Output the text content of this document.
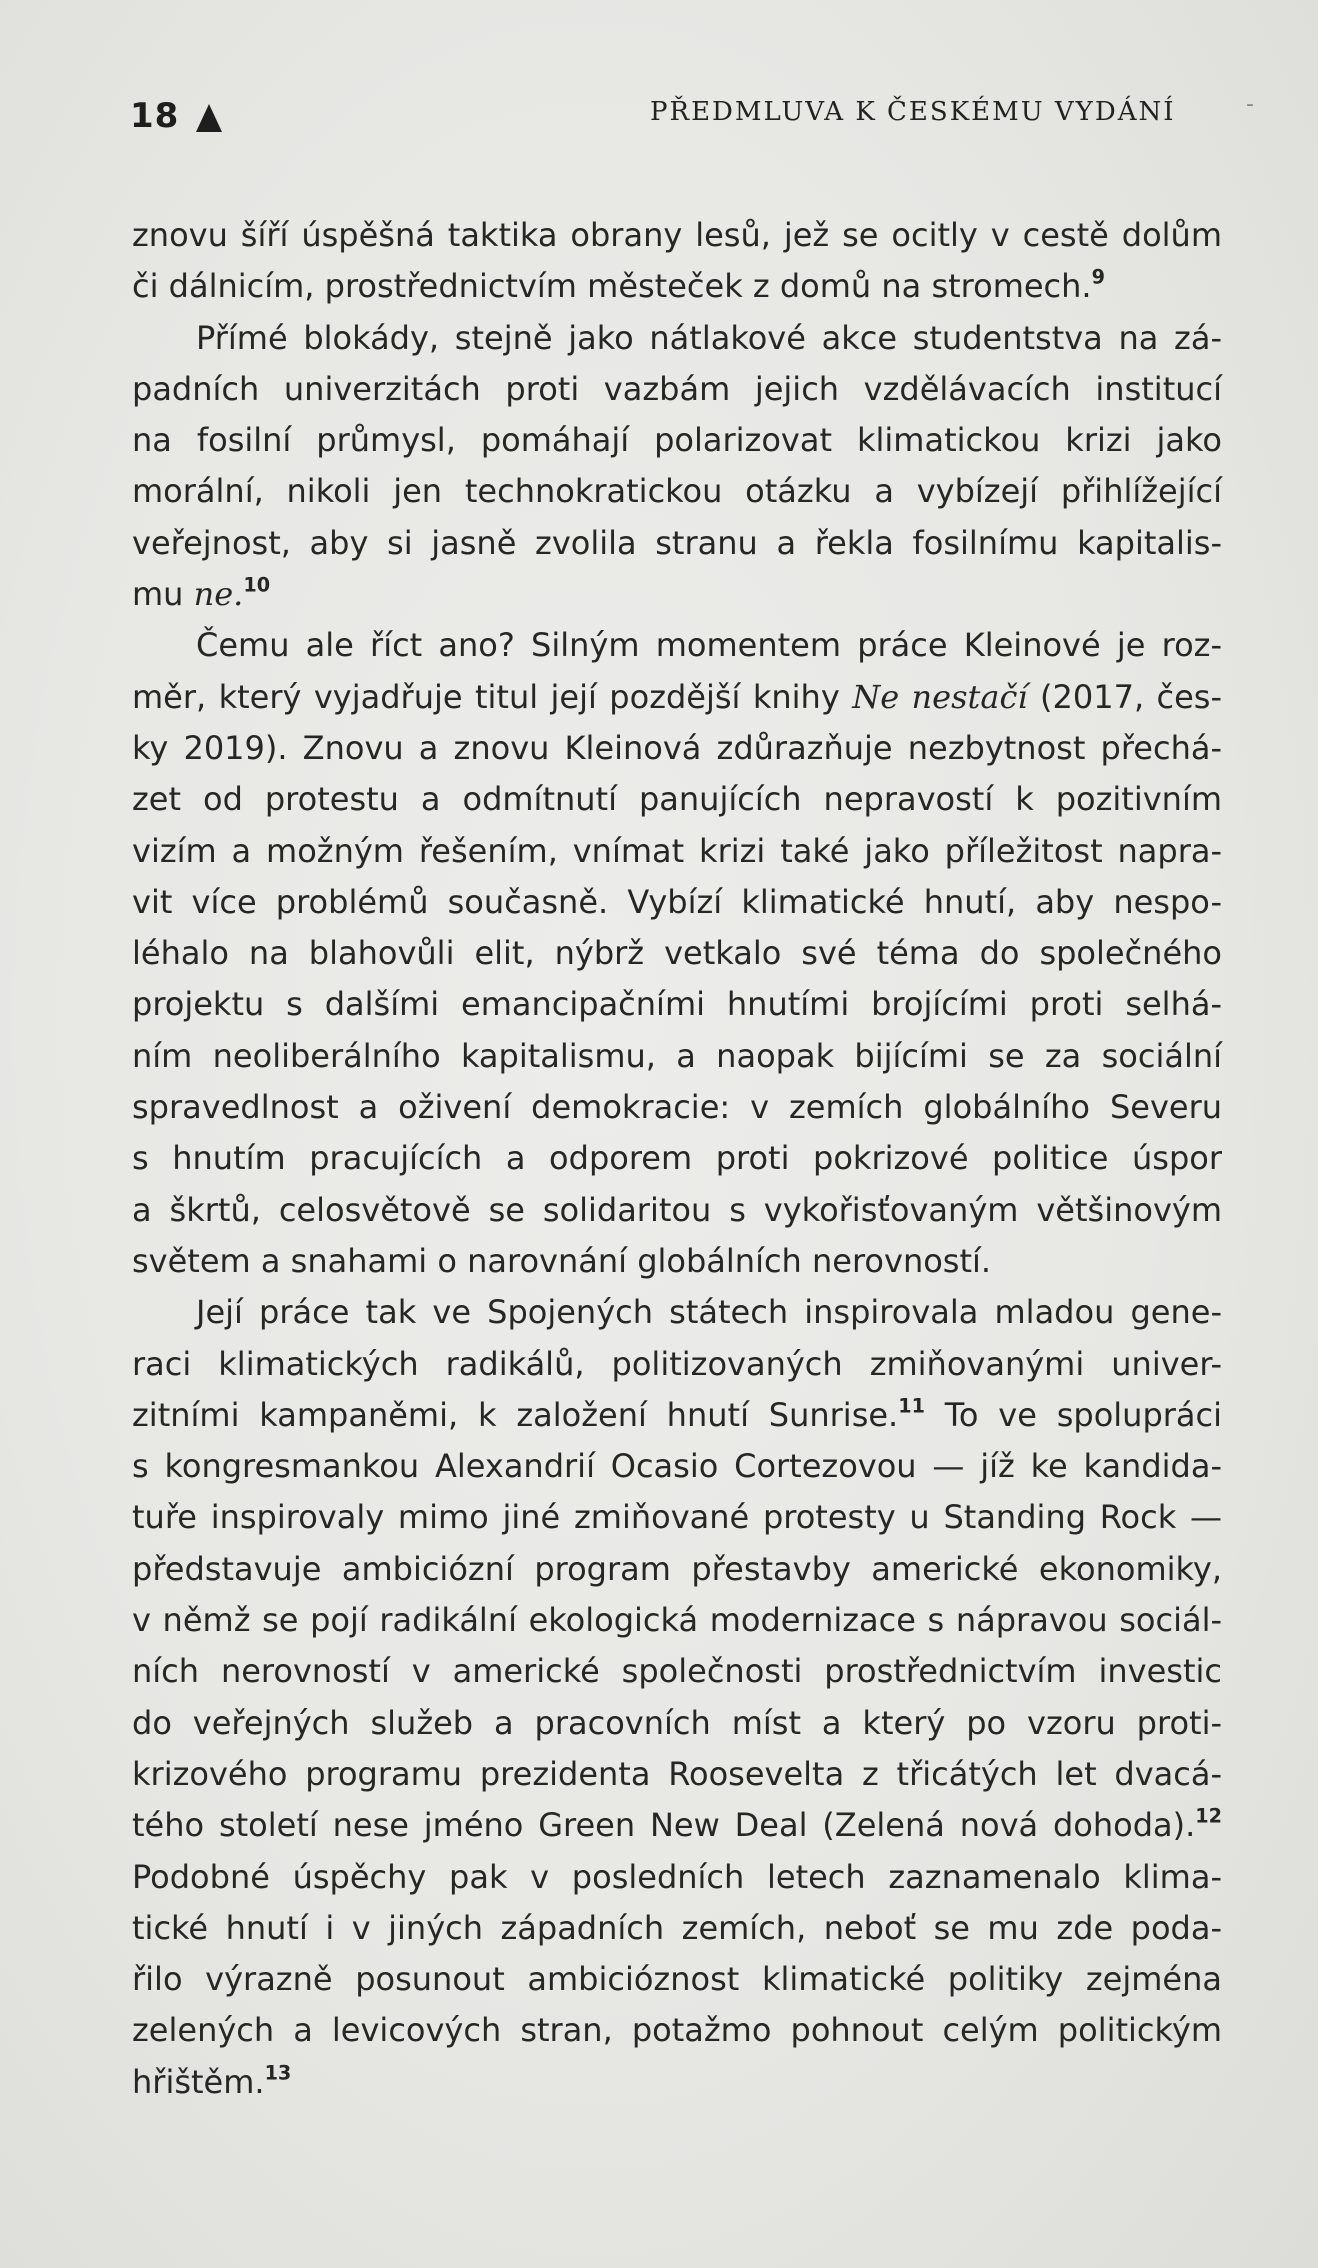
18	PŘEDMLUVA K ČESKÉMU VYDÁNÍ	-
znovu šíří úspěšná taktika obrany lesů, jež se ocitly v cestě dolům
či dálnicím, prostřednictvím městeček z domů na stromech.$^9$
Přímé blokády, stejně jako nátlakové akce studentstva na zá-
padních univerzitách proti vazbám jejich vzdělávacích institucí
na fosilní průmysl, pomáhají polarizovat klimatickou krizi jako
morální, nikoli jen technokratickou otázku a vybízejí přihlížející
veřejnost, aby si jasně zvolila stranu a řekla fosilnímu kapitalis-
mu ne.$^{10}$
Čemu ale říct ano? Silným momentem práce Kleinové je roz-
měr, který vyjadřuje titul její pozdější knihy Ne nestačí (2017, čes-
ky 2019). Znovu a znovu Kleinová zdůrazňuje nezbytnost přechá-
zet od protestu a odmítnutí panujících nepravostí k pozitivním
vizím a možným řešením, vnímat krizi také jako příležitost napra-
vit více problémů současně. Vybízí klimatické hnutí, aby nespo-
léhalo na blahovůli elit, nýbrž vetkalo své téma do společného
projektu s dalšími emancipačními hnutími brojícími proti selhá-
ním neoliberálního kapitalismu, a naopak bijícími se za sociální
spravedlnost a oživení demokracie: v zemích globálního Severu
s hnutím pracujících a odporem proti pokrizové politice úspor
a škrtů, celosvětově se solidaritou s vykořisťovaným většinovým
světem a snahami o narovnání globálních nerovností.
Její práce tak ve Spojených státech inspirovala mladou gene-
raci klimatických radikálů, politizovaných zmiňovanými univer-
zitními kampaněmi, k založení hnutí Sunrise.$^{11}$ To ve spolupráci
s kongresmankou Alexandrií Ocasio Cortezovou — jíž ke kandida-
tuře inspirovaly mimo jiné zmiňované protesty u Standing Rock —
představuje ambiciózní program přestavby americké ekonomiky,
v němž se pojí radikální ekologická modernizace s nápravou sociál-
ních nerovností v americké společnosti prostřednictvím investic
do veřejných služeb a pracovních míst a který po vzoru proti-
krizového programu prezidenta Roosevelta z třicátých let dvacá-
tého století nese jméno Green New Deal (Zelená nová dohoda).$^{12}$
Podobné úspěchy pak v posledních letech zaznamenalo klima-
tické hnutí i v jiných západních zemích, neboť se mu zde poda-
řilo výrazně posunout ambicióznost klimatické politiky zejména
zelených a levicových stran, potažmo pohnout celým politickým
hřištěm.$^{13}$
